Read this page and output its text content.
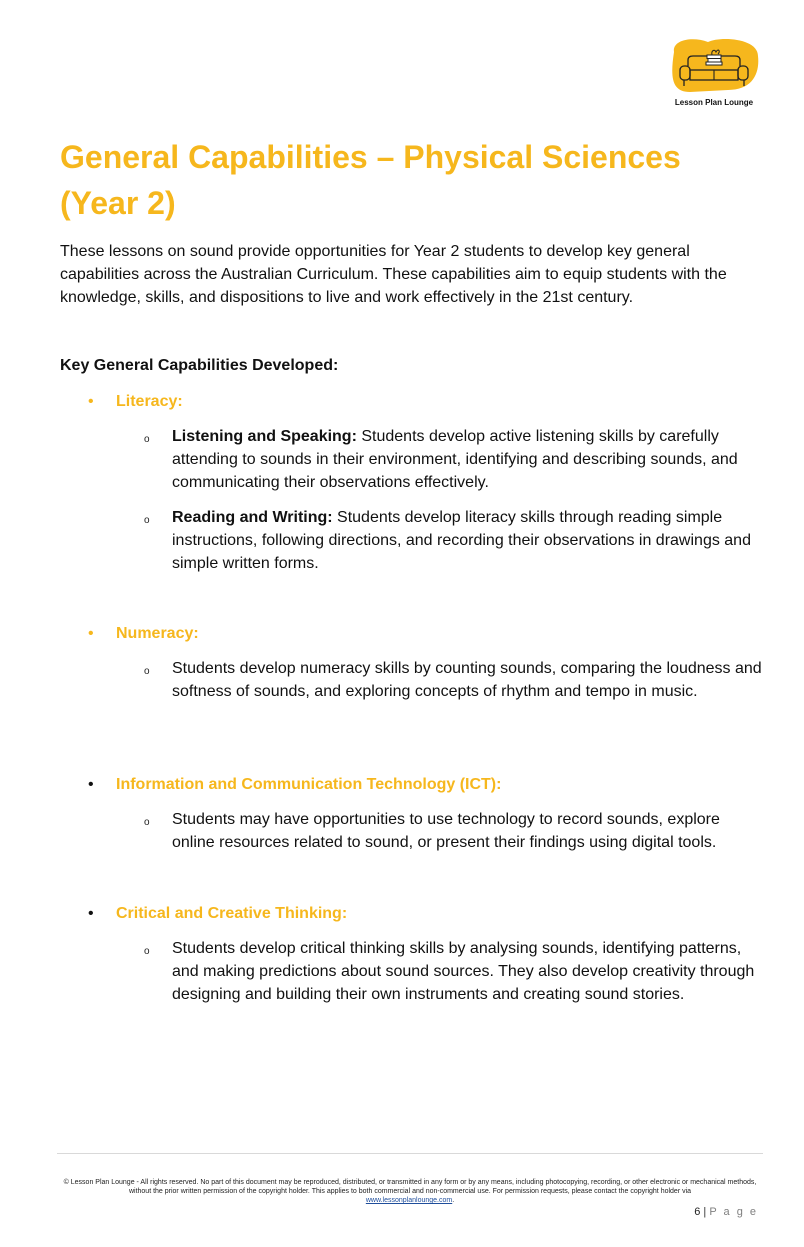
Lesson Plan Lounge
General Capabilities – Physical Sciences (Year 2)

These lessons on sound provide opportunities for Year 2 students to develop key general capabilities across the Australian Curriculum. These capabilities aim to equip students with the knowledge, skills, and dispositions to live and work effectively in the 21st century.

Key General Capabilities Developed:
• Literacy:
o Listening and Speaking: Students develop active listening skills by carefully attending to sounds in their environment, identifying and describing sounds, and communicating their observations effectively.
o Reading and Writing: Students develop literacy skills through reading simple instructions, following directions, and recording their observations in drawings and simple written forms.
• Numeracy:
o Students develop numeracy skills by counting sounds, comparing the loudness and softness of sounds, and exploring concepts of rhythm and tempo in music.
• Information and Communication Technology (ICT):
o Students may have opportunities to use technology to record sounds, explore online resources related to sound, or present their findings using digital tools.
• Critical and Creative Thinking:
o Students develop critical thinking skills by analysing sounds, identifying patterns, and making predictions about sound sources. They also develop creativity through designing and building their own instruments and creating sound stories.
© Lesson Plan Lounge - All rights reserved. No part of this document may be reproduced, distributed, or transmitted in any form or by any means, including photocopying, recording, or other electronic or mechanical methods, without the prior written permission of the copyright holder. This applies to both commercial and non-commercial use. For permission requests, please contact the copyright holder via
www.lessonplanlounge.com.
6 | P a g e
